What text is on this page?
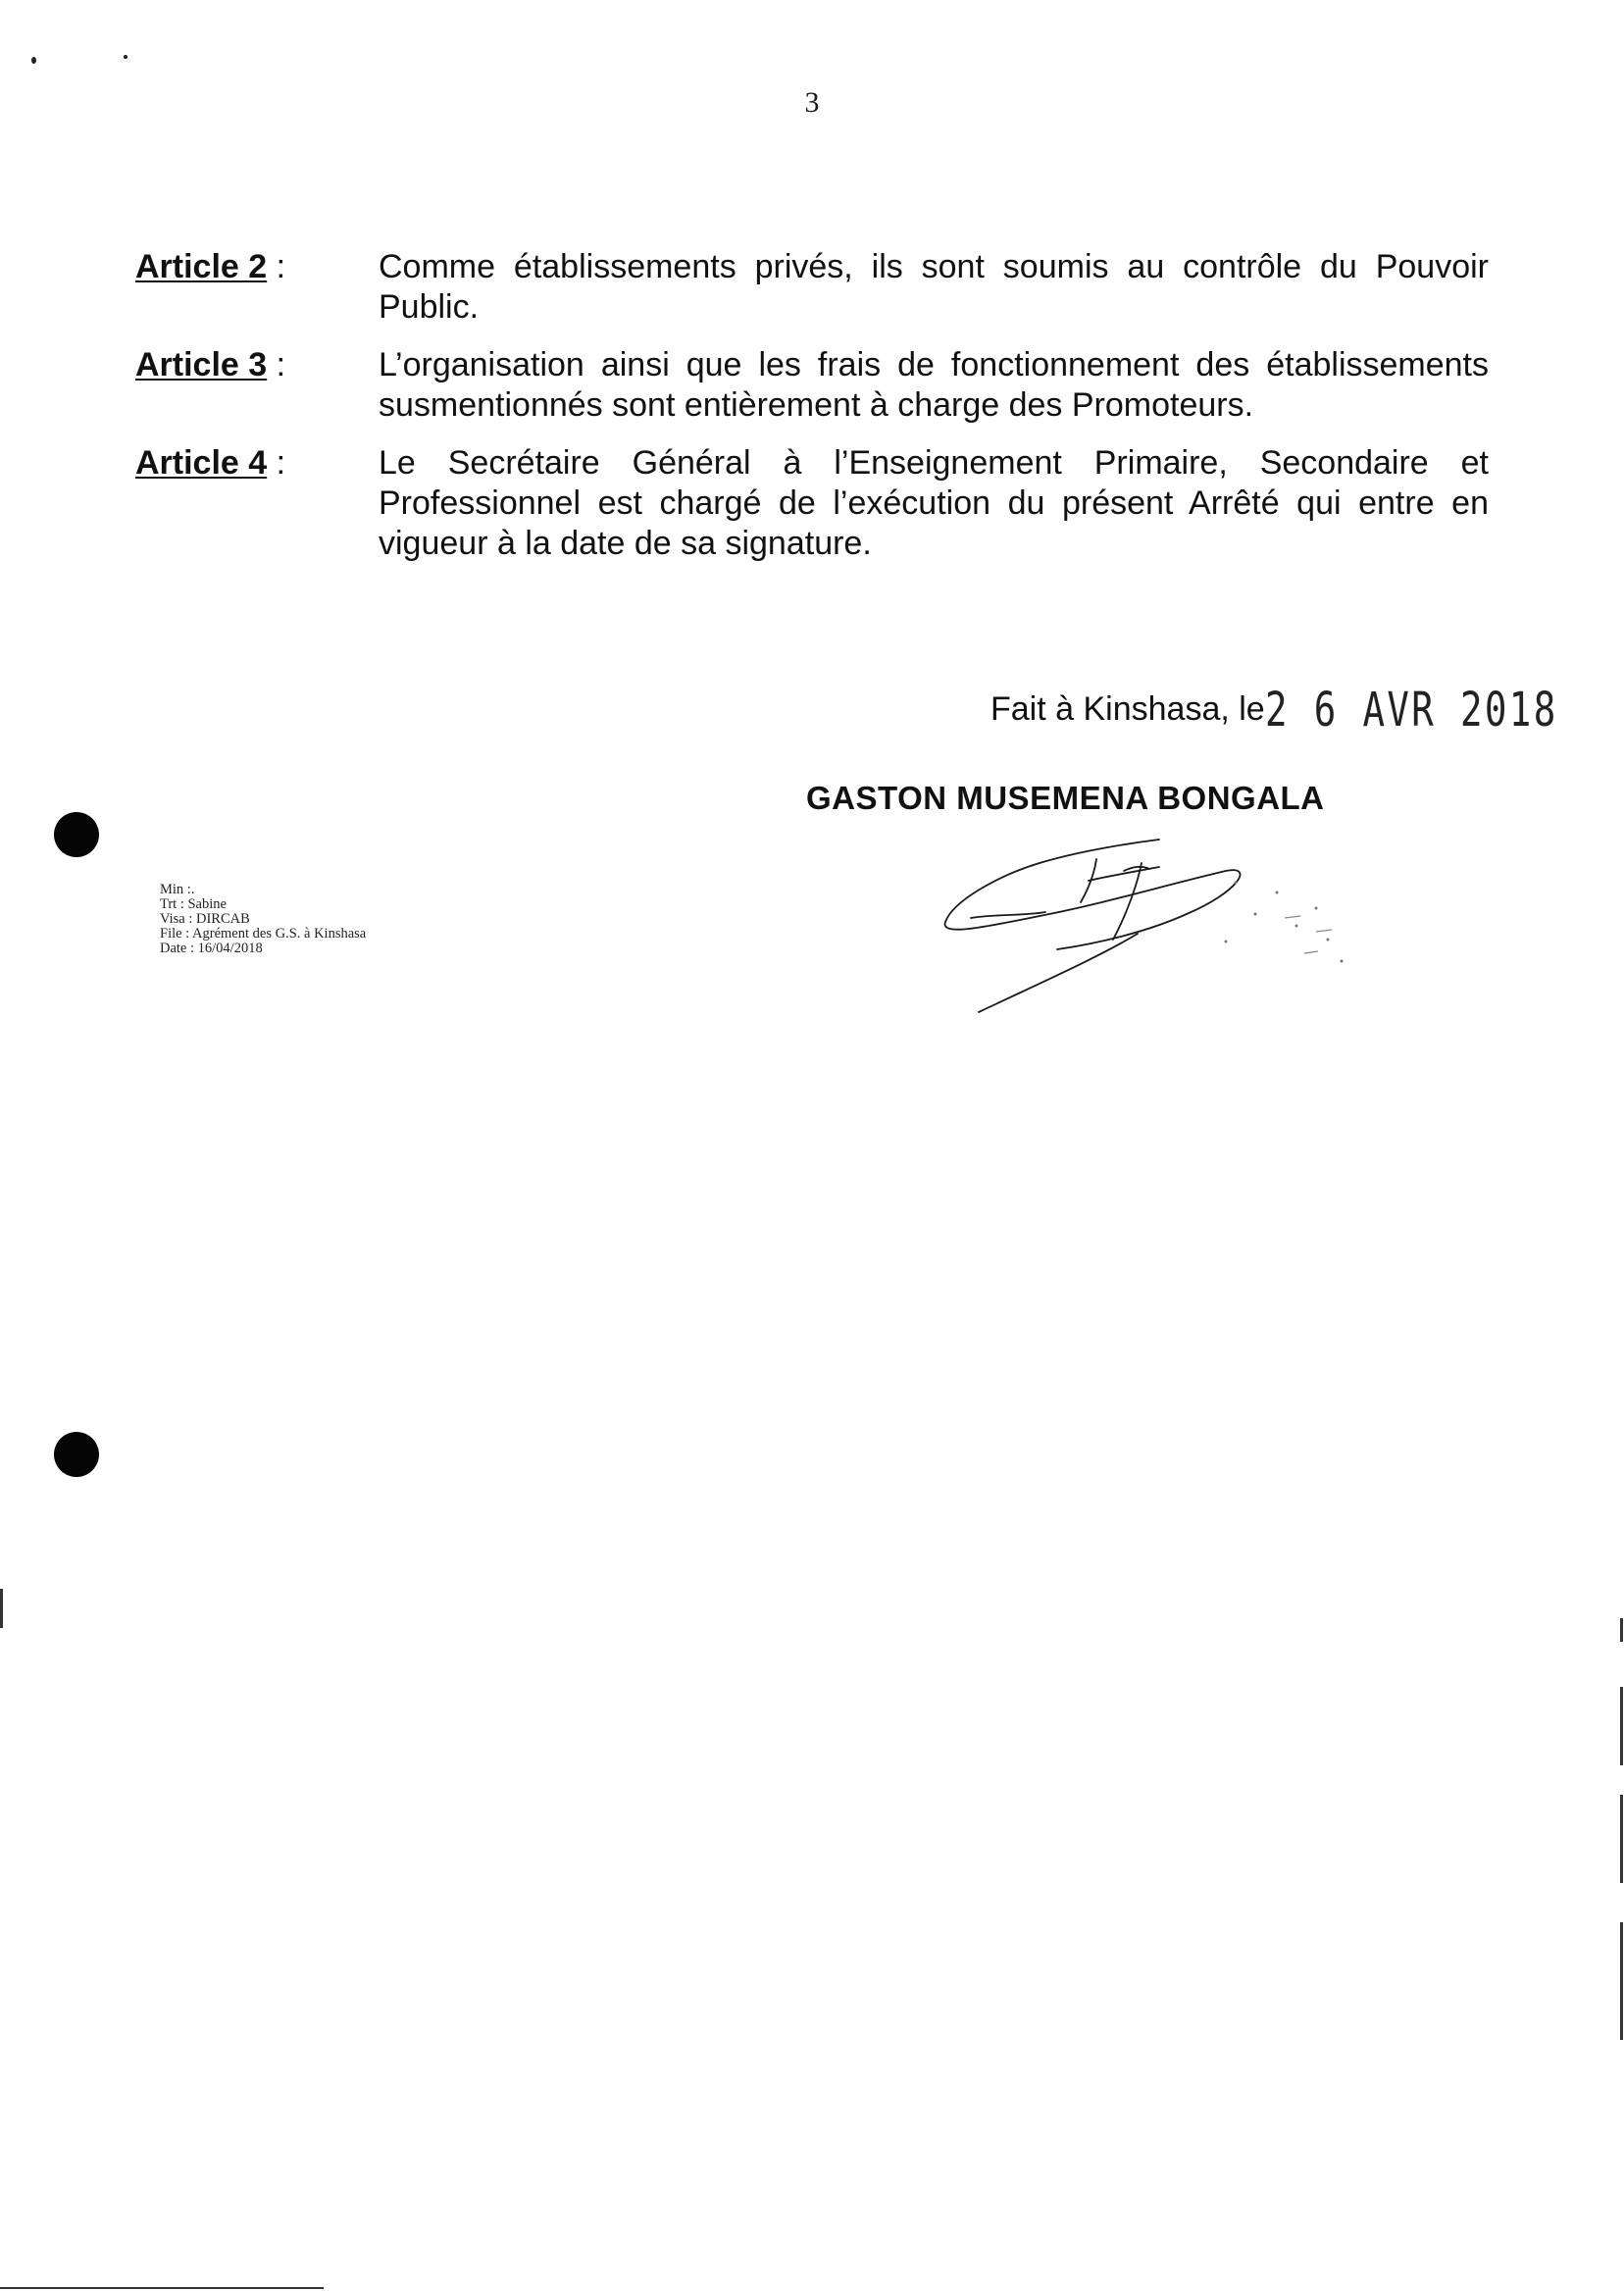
3
Article 2 :	Comme établissements privés, ils sont soumis au contrôle du Pouvoir Public.
Article 3 :	L’organisation ainsi que les frais de fonctionnement des établissements susmentionnés sont entièrement à charge des Promoteurs.
Article 4 :	Le Secrétaire Général à l’Enseignement Primaire, Secondaire et Professionnel est chargé de l’exécution du présent Arrêté qui entre en vigueur à la date de sa signature.
Fait à Kinshasa, le2 6 AVR 2018
GASTON MUSEMENA BONGALA
Min :.
Trt : Sabine
Visa : DIRCAB
File : Agrément des G.S. à Kinshasa
Date : 16/04/2018
